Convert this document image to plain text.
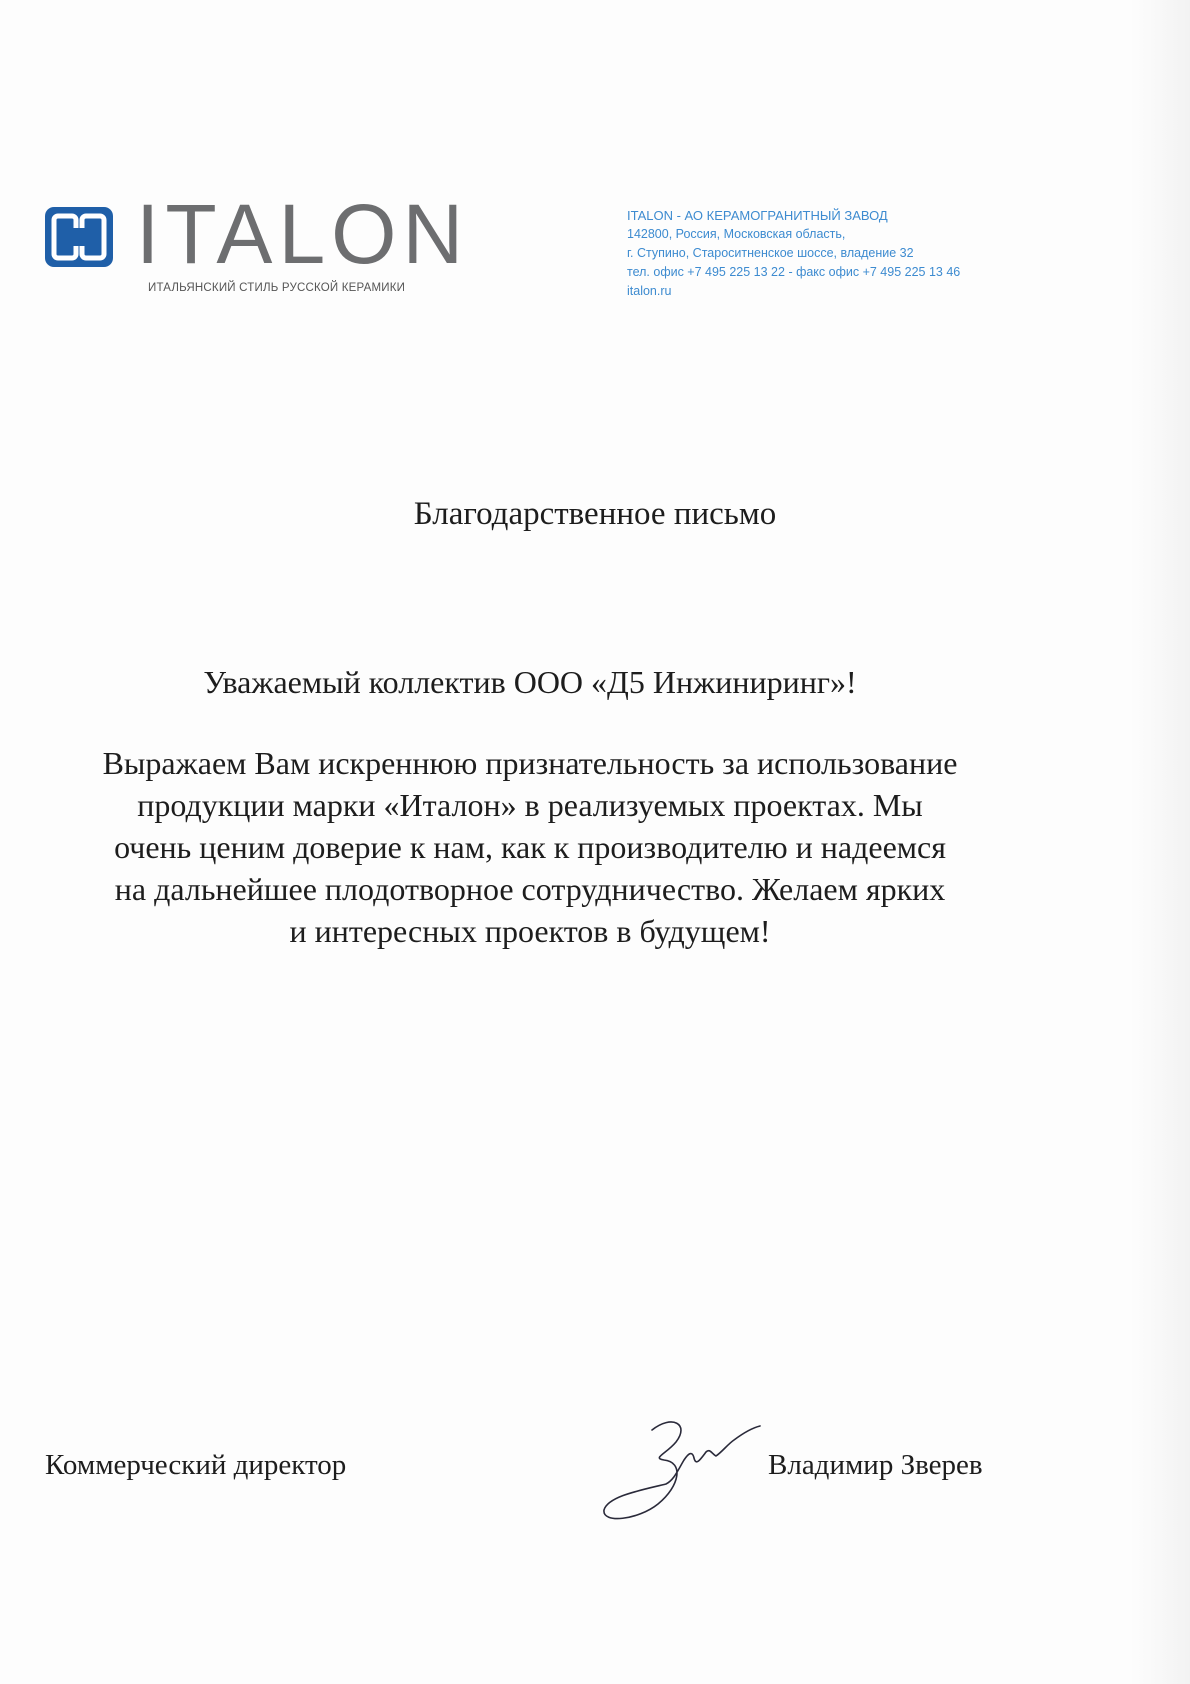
ITALON
ИТАЛЬЯНСКИЙ СТИЛЬ РУССКОЙ КЕРАМИКИ
ITALON - АО КЕРАМОГРАНИТНЫЙ ЗАВОД
142800, Россия, Московская область,
г. Ступино, Староситненское шоссе, владение 32
тел. офис +7 495 225 13 22 - факс офис +7 495 225 13 46
italon.ru
Благодарственное письмо
Уважаемый коллектив ООО «Д5 Инжиниринг»!
Выражаем Вам искреннюю признательность за использование
продукции марки «Италон» в реализуемых проектах. Мы
очень ценим доверие к нам, как к производителю и надеемся
на дальнейшее плодотворное сотрудничество. Желаем ярких
и интересных проектов в будущем!
Коммерческий директор	Владимир Зверев
